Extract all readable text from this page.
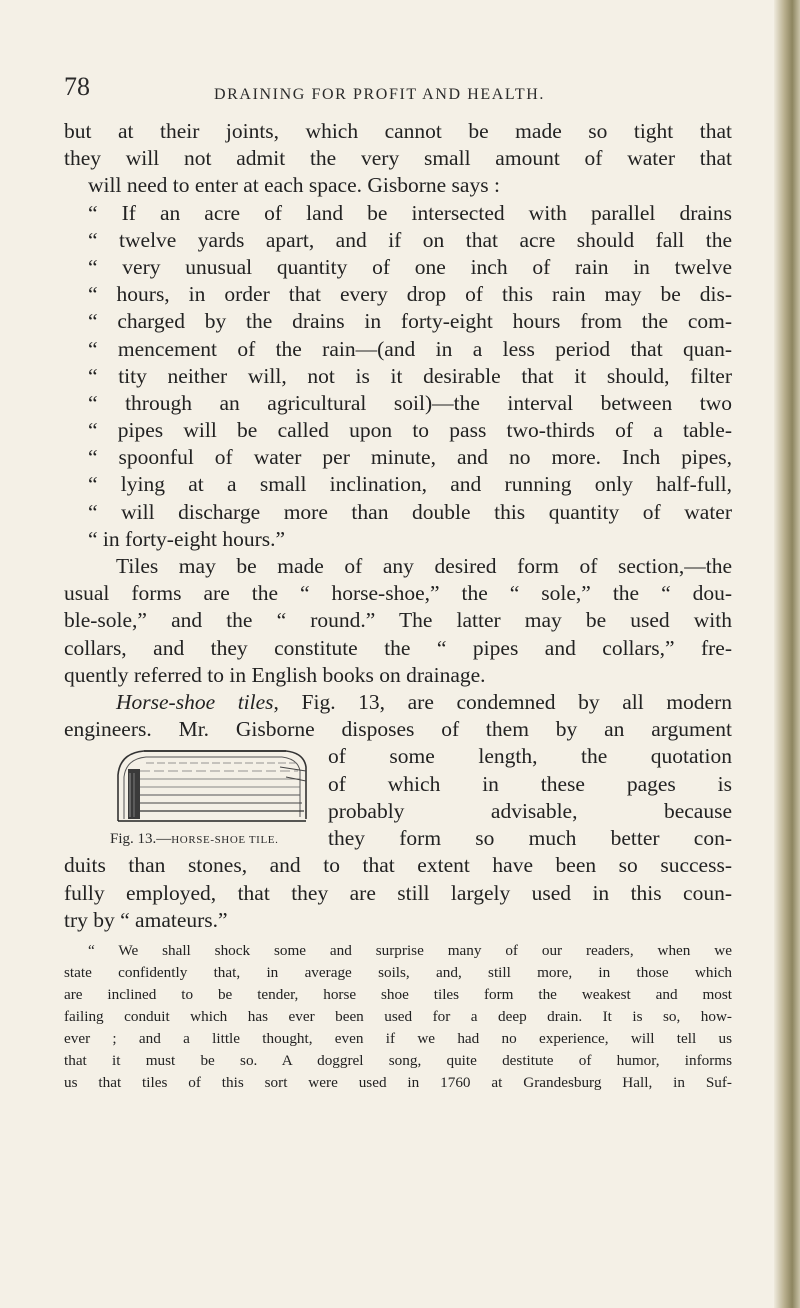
78	DRAINING FOR PROFIT AND HEALTH.
but at their joints, which cannot be made so tight that
they will not admit the very small amount of water that
will need to enter at each space. Gisborne says :
“ If an acre of land be intersected with parallel drains
“ twelve yards apart, and if on that acre should fall the
“ very unusual quantity of one inch of rain in twelve
“ hours, in order that every drop of this rain may be dis-
“ charged by the drains in forty-eight hours from the com-
“ mencement of the rain—(and in a less period that quan-
“ tity neither will, not is it desirable that it should, filter
“ through an agricultural soil)—the interval between two
“ pipes will be called upon to pass two-thirds of a table-
“ spoonful of water per minute, and no more. Inch pipes,
“ lying at a small inclination, and running only half-full,
“ will discharge more than double this quantity of water
“ in forty-eight hours.”
Tiles may be made of any desired form of section,—the
usual forms are the “ horse-shoe,” the “ sole,” the “ dou-
ble-sole,” and the “ round.” The latter may be used with
collars, and they constitute the “ pipes and collars,” fre-
quently referred to in English books on drainage.
Horse-shoe tiles, Fig. 13, are condemned by all modern
engineers. Mr. Gisborne disposes of them by an argument
Fig. 13.—HORSE-SHOE TILE.
of some length, the quotation
of which in these pages is
probably advisable, because
they form so much better con-
duits than stones, and to that extent have been so success-
fully employed, that they are still largely used in this coun-
try by “ amateurs.”
“ We shall shock some and surprise many of our readers, when we
state confidently that, in average soils, and, still more, in those which
are inclined to be tender, horse shoe tiles form the weakest and most
failing conduit which has ever been used for a deep drain. It is so, how-
ever ; and a little thought, even if we had no experience, will tell us
that it must be so. A doggrel song, quite destitute of humor, informs
us that tiles of this sort were used in 1760 at Grandesburg Hall, in Suf-
